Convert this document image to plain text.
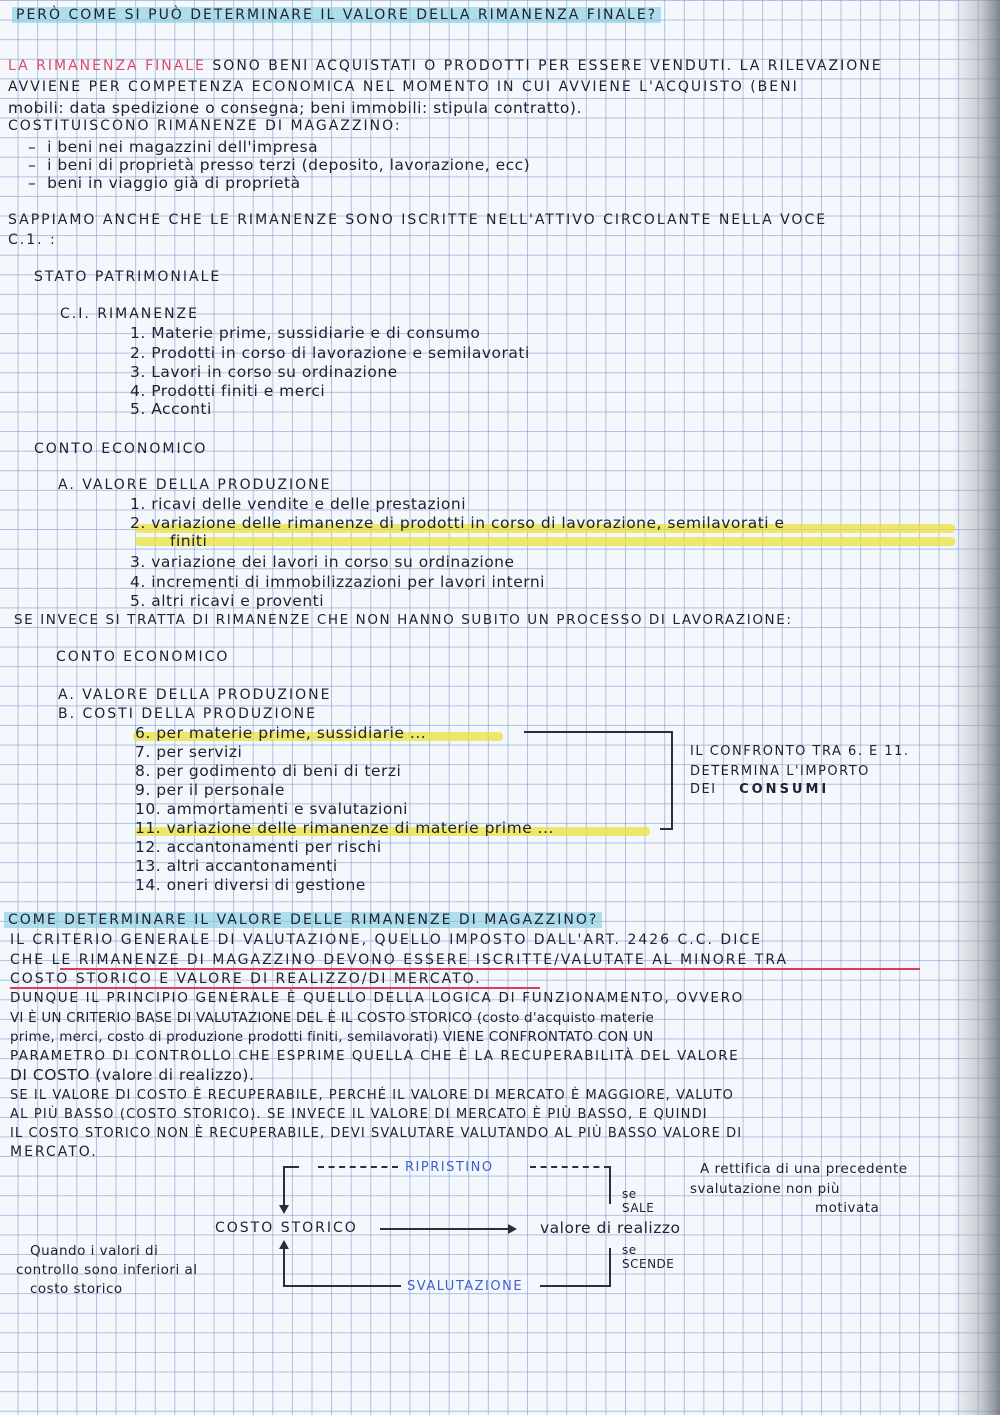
PERÒ COME SI PUÒ DETERMINARE IL VALORE DELLA RIMANENZA FINALE?
LA RIMANENZA FINALE SONO BENI ACQUISTATI O PRODOTTI PER ESSERE VENDUTI. LA RILEVAZIONE
AVVIENE PER COMPETENZA ECONOMICA NEL MOMENTO IN CUI AVVIENE L'ACQUISTO (BENI
mobili: data spedizione o consegna; beni immobili: stipula contratto).
COSTITUISCONO RIMANENZE DI MAGAZZINO:
–  i beni nei magazzini dell'impresa
–  i beni di proprietà presso terzi (deposito, lavorazione, ecc)
–  beni in viaggio già di proprietà
SAPPIAMO ANCHE CHE LE RIMANENZE SONO ISCRITTE NELL'ATTIVO CIRCOLANTE NELLA VOCE
C.1. :
STATO PATRIMONIALE
C.I. RIMANENZE
1. Materie prime, sussidiarie e di consumo
2. Prodotti in corso di lavorazione e semilavorati
3. Lavori in corso su ordinazione
4. Prodotti finiti e merci
5. Acconti
CONTO ECONOMICO
A. VALORE DELLA PRODUZIONE
1. ricavi delle vendite e delle prestazioni
2. variazione delle rimanenze di prodotti in corso di lavorazione, semilavorati e
finiti
3. variazione dei lavori in corso su ordinazione
4. incrementi di immobilizzazioni per lavori interni
5. altri ricavi e proventi
SE INVECE SI TRATTA DI RIMANENZE CHE NON HANNO SUBITO UN PROCESSO DI LAVORAZIONE:
CONTO ECONOMICO
A. VALORE DELLA PRODUZIONE
B. COSTI DELLA PRODUZIONE
6. per materie prime, sussidiarie ...
7. per servizi
8. per godimento di beni di terzi
9. per il personale
10. ammortamenti e svalutazioni
11. variazione delle rimanenze di materie prime ...
12. accantonamenti per rischi
13. altri accantonamenti
14. oneri diversi di gestione
IL CONFRONTO TRA 6. E 11.
DETERMINA L'IMPORTO
DEI CONSUMI
COME DETERMINARE IL VALORE DELLE RIMANENZE DI MAGAZZINO?
IL CRITERIO GENERALE DI VALUTAZIONE, QUELLO IMPOSTO DALL'ART. 2426 C.C. DICE
CHE LE RIMANENZE DI MAGAZZINO DEVONO ESSERE ISCRITTE/VALUTATE AL MINORE TRA
COSTO STORICO E VALORE DI REALIZZO/DI MERCATO.
DUNQUE IL PRINCIPIO GENERALE È QUELLO DELLA LOGICA DI FUNZIONAMENTO, OVVERO
VI È UN CRITERIO BASE DI VALUTAZIONE DEL È IL COSTO STORICO (costo d'acquisto materie
prime, merci, costo di produzione prodotti finiti, semilavorati) VIENE CONFRONTATO CON UN
PARAMETRO DI CONTROLLO CHE ESPRIME QUELLA CHE È LA RECUPERABILITÀ DEL VALORE
DI COSTO (valore di realizzo).
SE IL VALORE DI COSTO È RECUPERABILE, PERCHÉ IL VALORE DI MERCATO È MAGGIORE, VALUTO
AL PIÙ BASSO (COSTO STORICO). SE INVECE IL VALORE DI MERCATO È PIÙ BASSO, E QUINDI
IL COSTO STORICO NON È RECUPERABILE, DEVI SVALUTARE VALUTANDO AL PIÙ BASSO VALORE DI
MERCATO.
RIPRISTINO
COSTO STORICO	valore di realizzo
se SALE
se SCENDE
SVALUTAZIONE
A rettifica di una precedente
svalutazione non più
motivata
Quando i valori di
controllo sono inferiori al
costo storico
